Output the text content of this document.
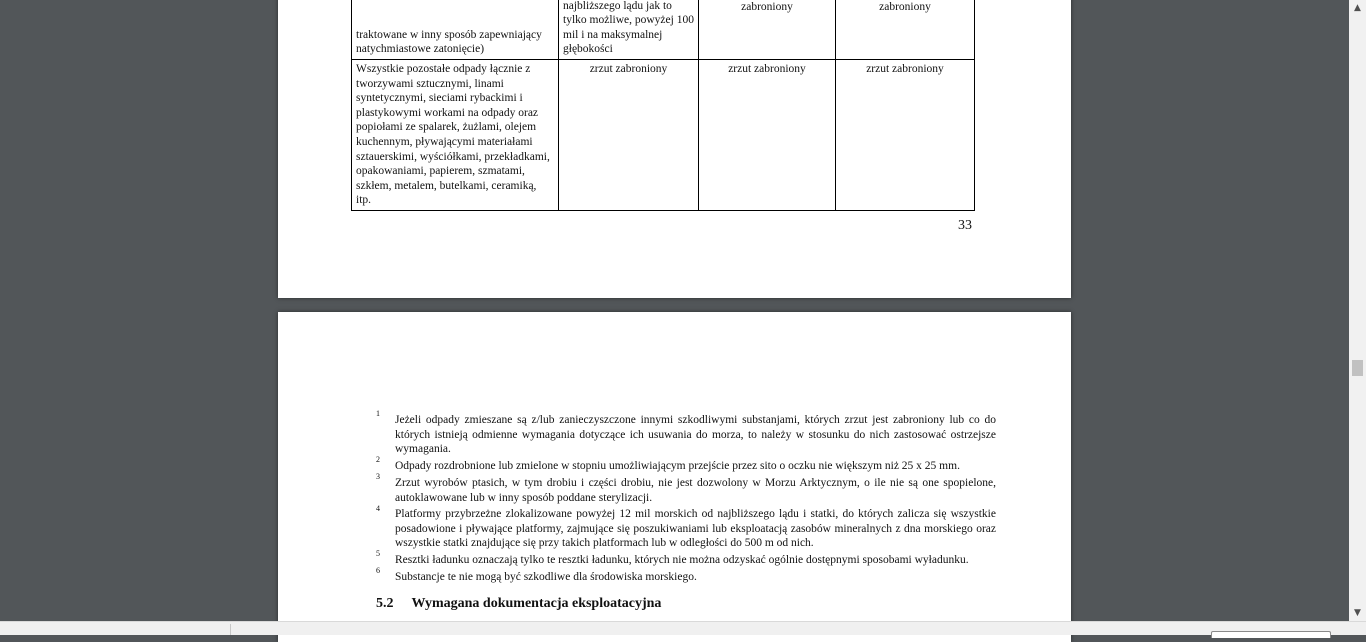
traktowane w inny sposób zapewniający natychmiastowe zatonięcie)	najbliższego lądu jak to tylko możliwe, powyżej 100 mil i na maksymalnej głębokości	zabroniony	zabroniony
Wszystkie pozostałe odpady łącznie z tworzywami sztucznymi, linami syntetycznymi, sieciami rybackimi i plastykowymi workami na odpady oraz popiołami ze spalarek, żużlami, olejem kuchennym, pływającymi materiałami sztauerskimi, wyściółkami, przekładkami, opakowaniami, papierem, szmatami, szkłem, metalem, butelkami, ceramiką, itp.	zrzut zabroniony	zrzut zabroniony	zrzut zabroniony
33
1
Jeżeli odpady zmieszane są z/lub zanieczyszczone innymi szkodliwymi substanjami, których zrzut jest zabroniony lub co do których istnieją odmienne wymagania dotyczące ich usuwania do morza, to należy w stosunku do nich zastosować ostrzejsze wymagania.
2
Odpady rozdrobnione lub zmielone w stopniu umożliwiającym przejście przez sito o oczku nie większym niż 25 x 25 mm.
3
Zrzut wyrobów ptasich, w tym drobiu i części drobiu, nie jest dozwolony w Morzu Arktycznym, o ile nie są one spopielone, autoklawowane lub w inny sposób poddane sterylizacji.
4 Platformy przybrzeżne zlokalizowane powyżej 12 mil morskich od najbliższego lądu i statki, do których zalicza się wszystkie posadowione i pływające platformy, zajmujące się poszukiwaniami lub eksploatacją zasobów mineralnych z dna morskiego oraz wszystkie statki znajdujące się przy takich platformach lub w odległości do 500 m od nich.
5
Resztki ładunku oznaczają tylko te resztki ładunku, których nie można odzyskać ogólnie dostępnymi sposobami wyładunku.
6
Substancje te nie mogą być szkodliwe dla środowiska morskiego.
5.2 Wymagana dokumentacja eksploatacyjna
▲
▼
